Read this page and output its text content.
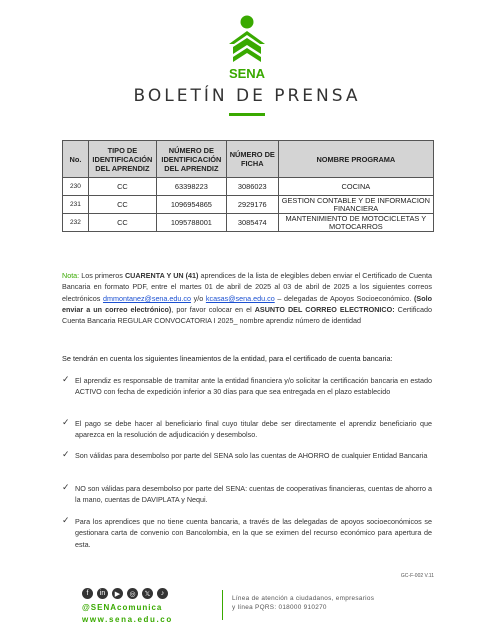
SENA
BOLETÍN DE PRENSA
No.	TIPO DE IDENTIFICACIÓN DEL APRENDIZ	NÚMERO DE IDENTIFICACIÓN DEL APRENDIZ	NÚMERO DE FICHA	NOMBRE PROGRAMA
230	CC	63398223	3086023	COCINA
231	CC	1096954865	2929176	GESTION CONTABLE Y DE INFORMACION FINANCIERA
232	CC	1095788001	3085474	MANTENIMIENTO DE MOTOCICLETAS Y MOTOCARROS
Nota: Los primeros CUARENTA Y UN (41) aprendices de la lista de elegibles deben enviar el Certificado de Cuenta Bancaria en formato PDF, entre el martes 01 de abril de 2025 al 03 de abril de 2025 a los siguientes correos electrónicos dmmontanez@sena.edu.co y/o kcasas@sena.edu.co – delegadas de Apoyos Socioeconómico. (Solo enviar a un correo electrónico), por favor colocar en el ASUNTO DEL CORREO ELECTRONICO: Certificado Cuenta Bancaria REGULAR CONVOCATORIA I 2025_ nombre aprendiz número de identidad
Se tendrán en cuenta los siguientes lineamientos de la entidad, para el certificado de cuenta bancaria:
✓ El aprendiz es responsable de tramitar ante la entidad financiera y/o solicitar la certificación bancaria en estado ACTIVO con fecha de expedición inferior a 30 días para que sea entregada en el plazo establecido
✓ El pago se debe hacer al beneficiario final cuyo titular debe ser directamente el aprendiz beneficiario que aparezca en la resolución de adjudicación y desembolso.
✓ Son válidas para desembolso por parte del SENA solo las cuentas de AHORRO de cualquier Entidad Bancaria
✓ NO son válidas para desembolso por parte del SENA: cuentas de cooperativas financieras, cuentas de ahorro a la mano, cuentas de DAVIPLATA y Nequi.
✓ Para los aprendices que no tiene cuenta bancaria, a través de las delegadas de apoyos socioeconómicos se gestionara carta de convenio con Bancolombia, en la que se eximen del recurso económico para apertura de esta.
GC-F-002 V.11
f	in	▶	◎	𝕏	♪
@SENAcomunica
www.sena.edu.co
Línea de atención a ciudadanos, empresarios
y línea PQRS: 018000 910270
